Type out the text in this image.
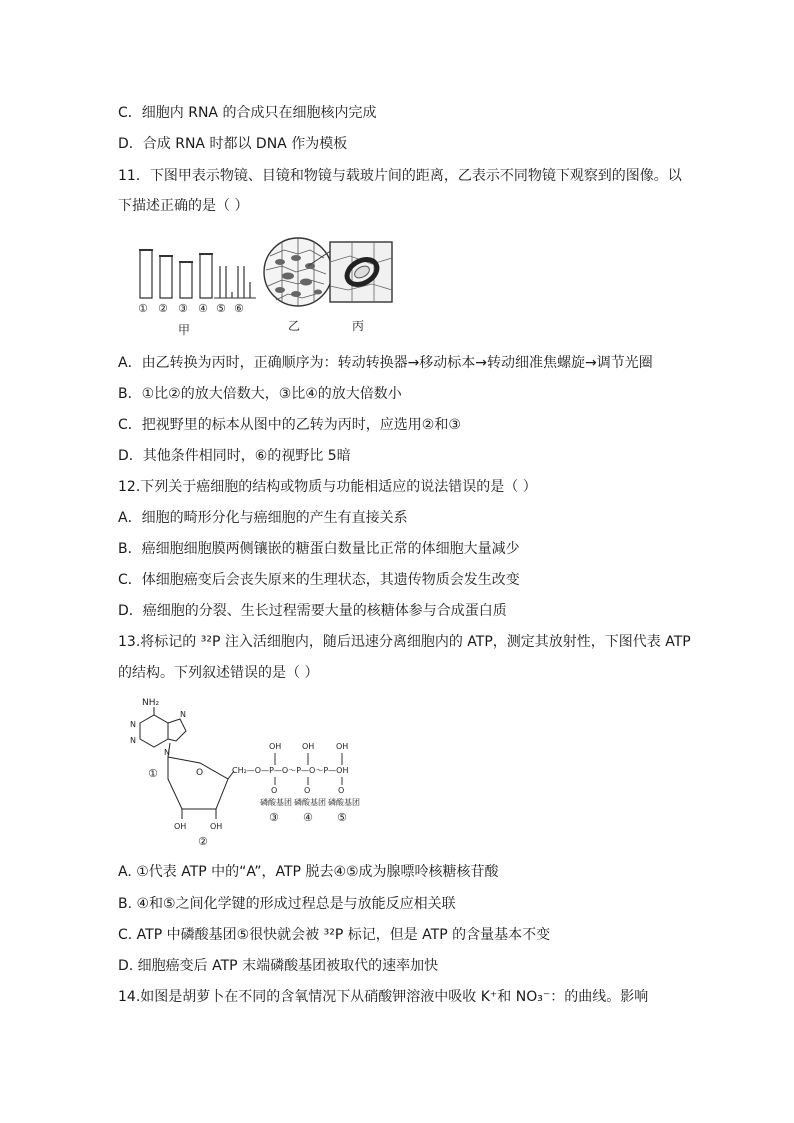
C．细胞内 RNA 的合成只在细胞核内完成
D．合成 RNA 时都以 DNA 作为模板
11．下图甲表示物镜、目镜和物镜与载玻片间的距离，乙表示不同物镜下观察到的图像。以
下描述正确的是（ ）
① ② ③ ④ ⑤ ⑥
甲	乙	丙
A．由乙转换为丙时，正确顺序为：转动转换器→移动标本→转动细准焦螺旋→调节光圈
B．①比②的放大倍数大，③比④的放大倍数小
C．把视野里的标本从图中的乙转为丙时，应选用②和③
D．其他条件相同时，⑥的视野比 5暗
12.下列关于癌细胞的结构或物质与功能相适应的说法错误的是（ ）
A．细胞的畸形分化与癌细胞的产生有直接关系
B．癌细胞细胞膜两侧镶嵌的糖蛋白数量比正常的体细胞大量减少
C．体细胞癌变后会丧失原来的生理状态，其遗传物质会发生改变
D．癌细胞的分裂、生长过程需要大量的核糖体参与合成蛋白质
13.将标记的 ³²P 注入活细胞内，随后迅速分离细胞内的 ATP，测定其放射性，下图代表 ATP
的结构。下列叙述错误的是（ ）
NH₂
N
N
N
N
①	O
OH	OH
②
CH₂—O—P—O～P—O～P—OH
OH	OH	OH
O	O	O
磷酸基团 磷酸基团 磷酸基团
③ ④ ⑤
A. ①代表 ATP 中的“A”，ATP 脱去④⑤成为腺嘌呤核糖核苷酸
B. ④和⑤之间化学键的形成过程总是与放能反应相关联
C. ATP 中磷酸基团⑤很快就会被 ³²P 标记，但是 ATP 的含量基本不变
D. 细胞癌变后 ATP 末端磷酸基团被取代的速率加快
14.如图是胡萝卜在不同的含氧情况下从硝酸钾溶液中吸收 K⁺和 NO₃⁻：的曲线。影响
